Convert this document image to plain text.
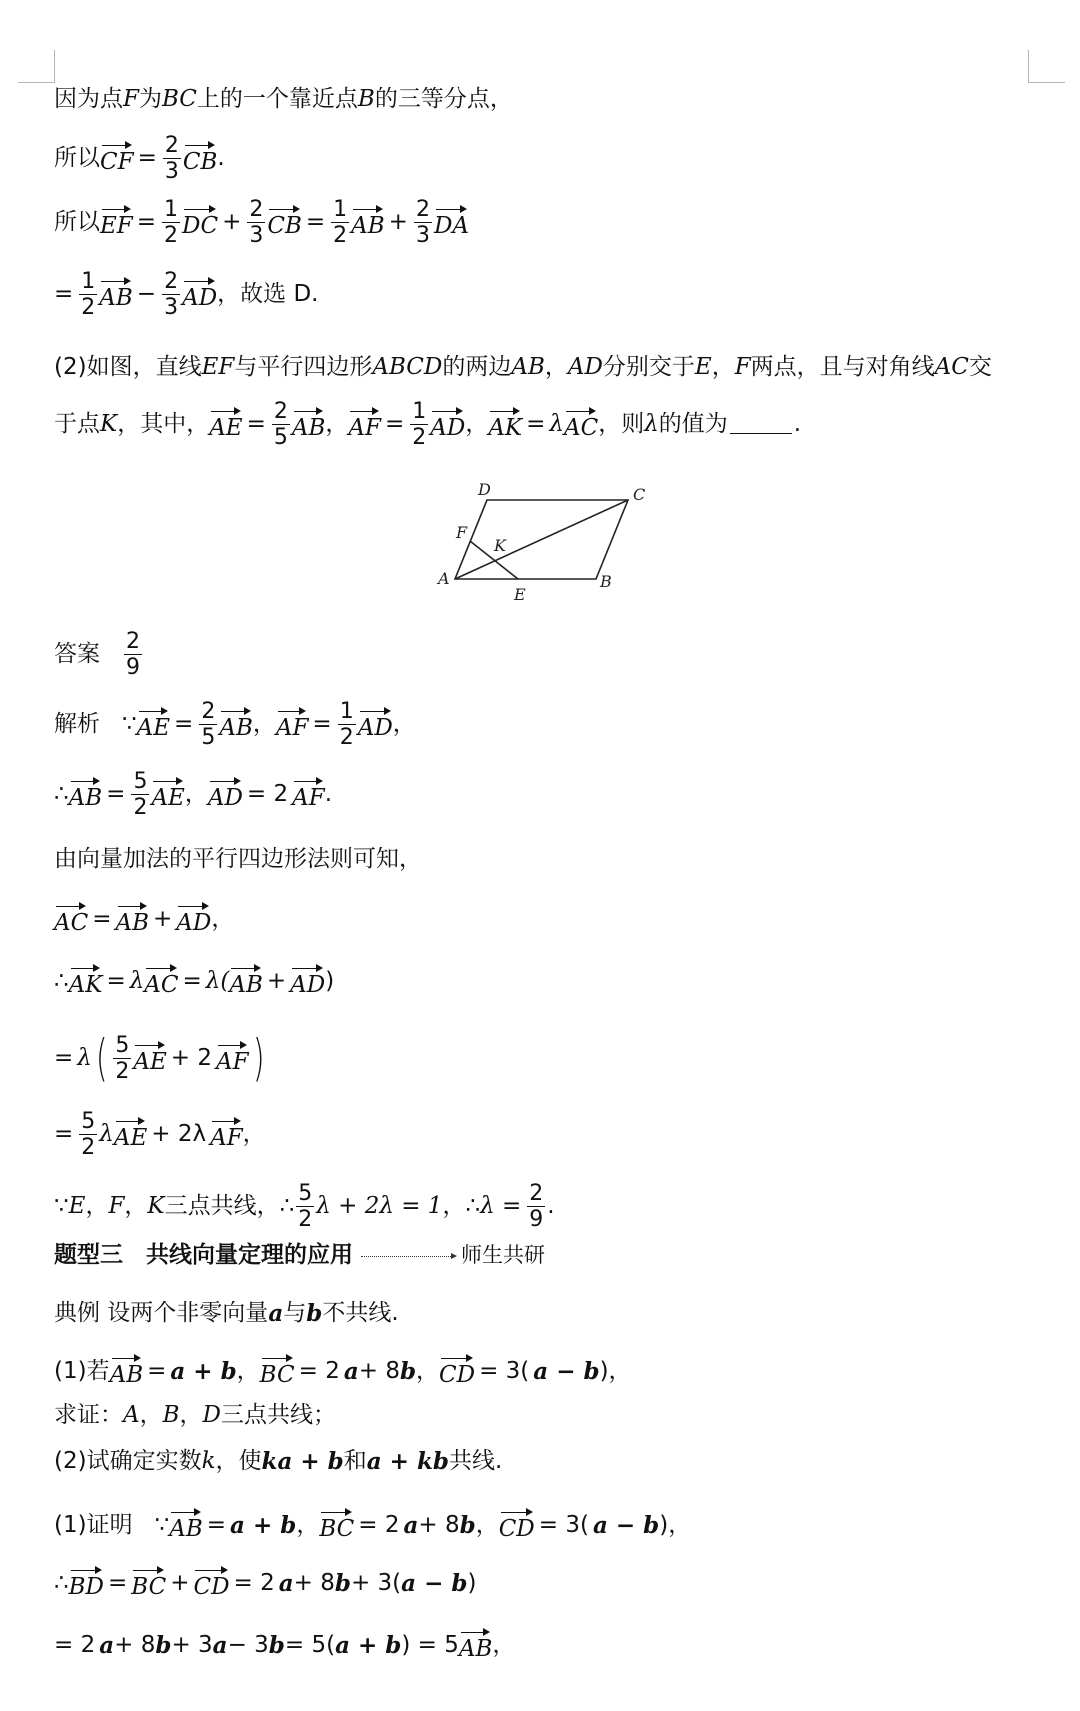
因为点 F 为 BC 上的一个靠近点 B 的三等分点，
所以 CF = $\frac{2}{3}$ CB .
所以 EF = $\frac{1}{2}$ DC + $\frac{2}{3}$ CB = $\frac{1}{2}$ AB + $\frac{2}{3}$ DA
= $\frac{1}{2}$ AB − $\frac{2}{3}$ AD ，故选 D.
(2)如图，直线 EF 与平行四边形 ABCD 的两边 AB ， AD 分别交于 E ， F 两点，且与对角线 AC 交
于点 K ，其中， AE = $\frac{2}{5}$ AB ， AF = $\frac{1}{2}$ AD ， AK = λ AC ，则 λ 的值为	.
D	C
F
K
A
E
B
答案 $\frac{2}{9}$
解析 ∵ AE = $\frac{2}{5}$ AB ， AF = $\frac{1}{2}$ AD ，
∴ AB = $\frac{5}{2}$ AE ， AD = 2 AF .
由向量加法的平行四边形法则可知，
AC = AB + AD ，
∴ AK = λ AC = λ( AB + AD )
= λ ( $\frac{5}{2}$ AE + 2 AF )
= $\frac{5}{2}$ λ AE + 2λ AF ，
∵ E ， F ， K 三点共线，∴ $\frac{5}{2}$ λ + 2λ = 1 ，∴ $\lambda = \frac{2}{9}$ .
题型三　共线向量定理的应用	师生共研
典例 设两个非零向量 a 与 b 不共线.
(1)若 AB = a + b ， BC = 2 a + 8 b ， CD = 3( a − b )，
求证： A ， B ， D 三点共线；
(2)试确定实数 k ，使 ka + b 和 a + kb 共线.
(1)证明 ∵ AB = a + b ， BC = 2 a + 8 b ， CD = 3( a − b )，
∴ BD = BC + CD = 2 a + 8 b + 3( a − b )
= 2 a + 8 b + 3 a − 3 b = 5( a + b ) = 5 AB ，
